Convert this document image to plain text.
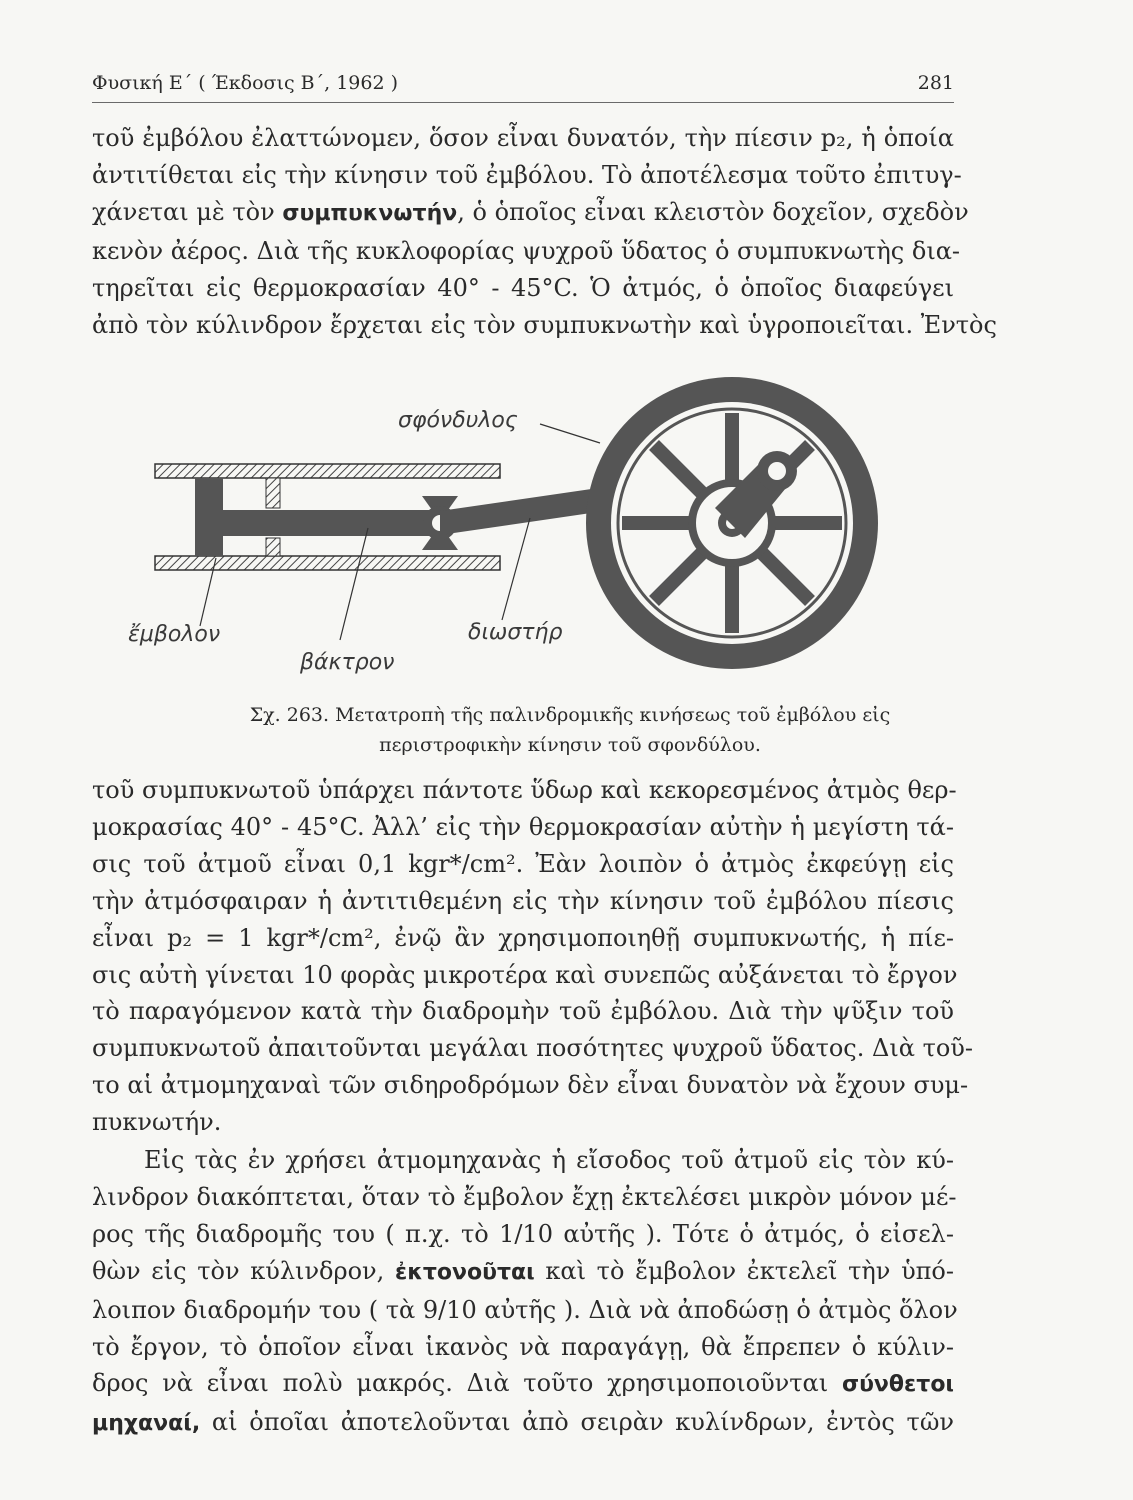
Φυσική Ε΄ ( Έκδοσις Β΄, 1962 )	281
τοῦ ἐμβόλου ἐλαττώνομεν, ὅσον εἶναι δυνατόν, τὴν πίεσιν p₂, ἡ ὁποία
ἀντιτίθεται εἰς τὴν κίνησιν τοῦ ἐμβόλου. Τὸ ἀποτέλεσμα τοῦτο ἐπιτυγ-
χάνεται μὲ τὸν συμπυκνωτήν, ὁ ὁποῖος εἶναι κλειστὸν δοχεῖον, σχεδὸν
κενὸν ἀέρος. Διὰ τῆς κυκλοφορίας ψυχροῦ ὕδατος ὁ συμπυκνωτὴς δια-
τηρεῖται εἰς θερμοκρασίαν 40° - 45°C. Ὁ ἀτμός, ὁ ὁποῖος διαφεύγει
ἀπὸ τὸν κύλινδρον ἔρχεται εἰς τὸν συμπυκνωτὴν καὶ ὑγροποιεῖται. Ἐντὸς
σφόνδυλος
ἔμβολον
βάκτρον
διωστήρ
Σχ. 263. Μετατροπὴ τῆς παλινδρομικῆς κινήσεως τοῦ ἐμβόλου εἰς
περιστροφικὴν κίνησιν τοῦ σφονδύλου.
τοῦ συμπυκνωτοῦ ὑπάρχει πάντοτε ὕδωρ καὶ κεκορεσμένος ἀτμὸς θερ-
μοκρασίας 40° - 45°C. Ἀλλ’ εἰς τὴν θερμοκρασίαν αὐτὴν ἡ μεγίστη τά-
σις τοῦ ἀτμοῦ εἶναι 0,1 kgr*/cm². Ἐὰν λοιπὸν ὁ ἀτμὸς ἐκφεύγῃ εἰς
τὴν ἀτμόσφαιραν ἡ ἀντιτιθεμένη εἰς τὴν κίνησιν τοῦ ἐμβόλου πίεσις
εἶναι p₂ = 1 kgr*/cm², ἐνῷ ἂν χρησιμοποιηθῇ συμπυκνωτής, ἡ πίε-
σις αὐτὴ γίνεται 10 φορὰς μικροτέρα καὶ συνεπῶς αὐξάνεται τὸ ἔργον
τὸ παραγόμενον κατὰ τὴν διαδρομὴν τοῦ ἐμβόλου. Διὰ τὴν ψῦξιν τοῦ
συμπυκνωτοῦ ἀπαιτοῦνται μεγάλαι ποσότητες ψυχροῦ ὕδατος. Διὰ τοῦ-
το αἱ ἀτμομηχαναὶ τῶν σιδηροδρόμων δὲν εἶναι δυνατὸν νὰ ἔχουν συμ-
πυκνωτήν.
Εἰς τὰς ἐν χρήσει ἀτμομηχανὰς ἡ εἴσοδος τοῦ ἀτμοῦ εἰς τὸν κύ-
λινδρον διακόπτεται, ὅταν τὸ ἔμβολον ἔχῃ ἐκτελέσει μικρὸν μόνον μέ-
ρος τῆς διαδρομῆς του ( π.χ. τὸ 1/10 αὐτῆς ). Τότε ὁ ἀτμός, ὁ εἰσελ-
θὼν εἰς τὸν κύλινδρον, ἐκτονοῦται καὶ τὸ ἔμβολον ἐκτελεῖ τὴν ὑπό-
λοιπον διαδρομήν του ( τὰ 9/10 αὐτῆς ). Διὰ νὰ ἀποδώσῃ ὁ ἀτμὸς ὅλον
τὸ ἔργον, τὸ ὁποῖον εἶναι ἱκανὸς νὰ παραγάγῃ, θὰ ἔπρεπεν ὁ κύλιν-
δρος νὰ εἶναι πολὺ μακρός. Διὰ τοῦτο χρησιμοποιοῦνται σύνθετοι
μηχαναί, αἱ ὁποῖαι ἀποτελοῦνται ἀπὸ σειρὰν κυλίνδρων, ἐντὸς τῶν
